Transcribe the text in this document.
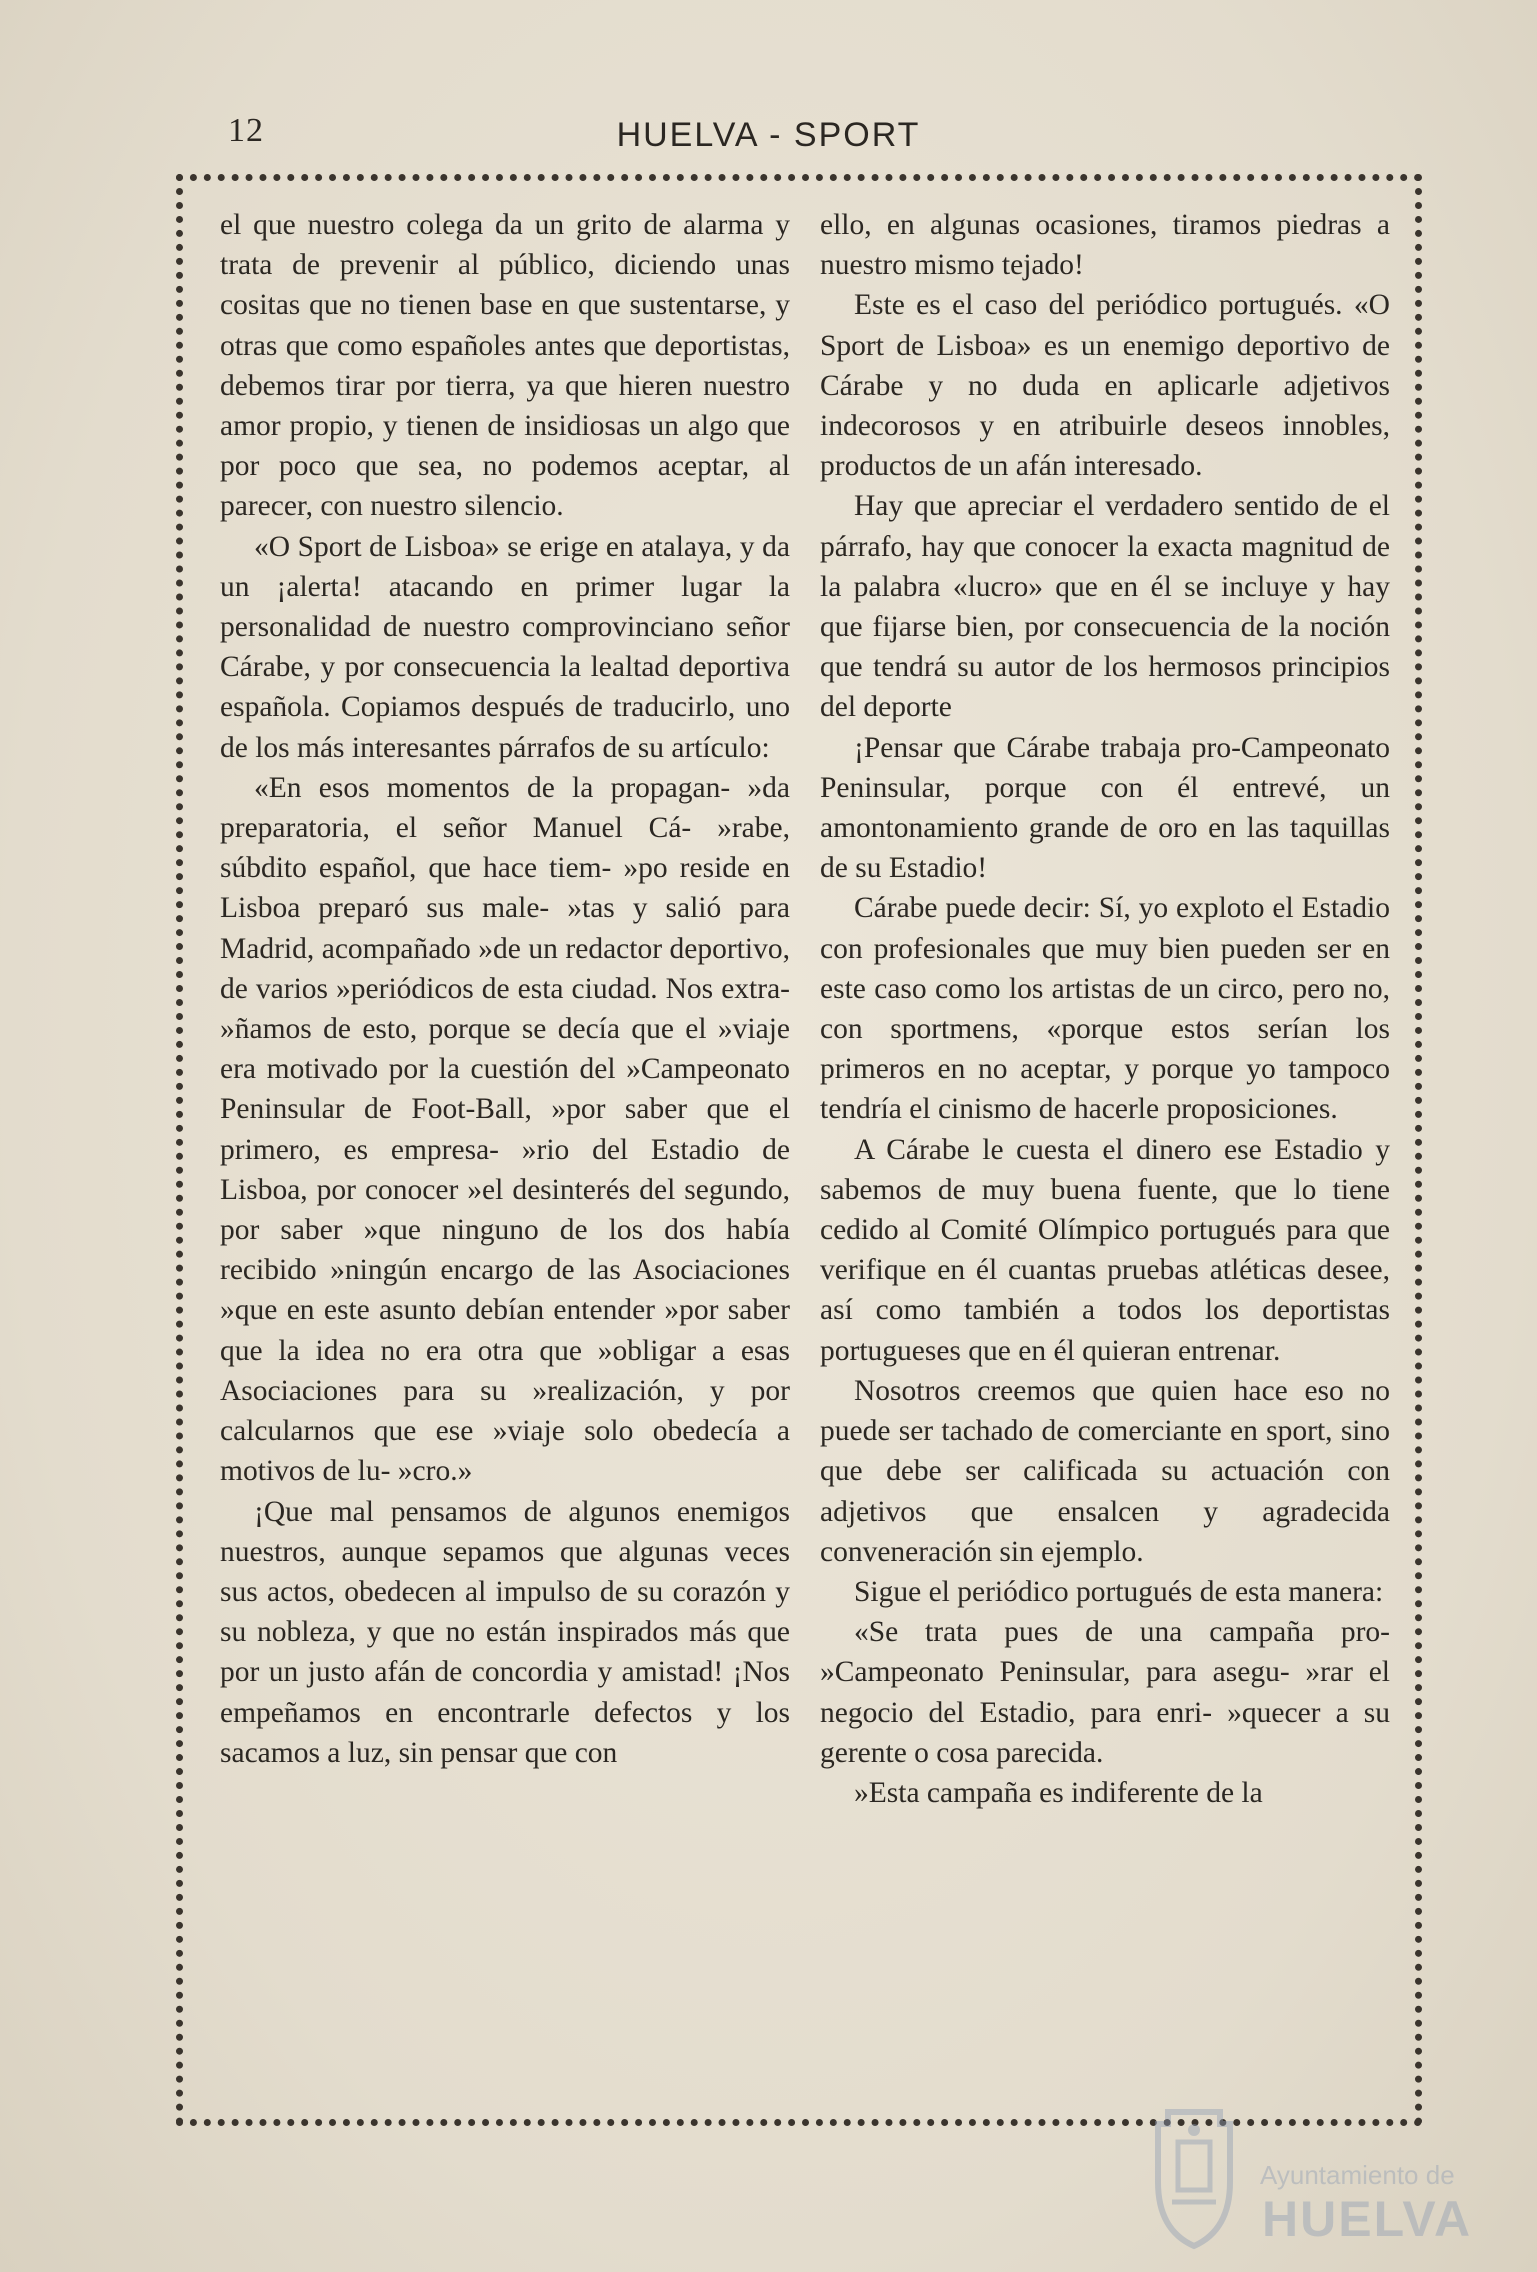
12	HUELVA - SPORT

el que nuestro colega da un grito de alarma y trata de prevenir al público, diciendo unas cositas que no tienen base en que sustentarse, y otras que como españoles antes que deportistas, debemos tirar por tierra, ya que hieren nuestro amor propio, y tienen de insidiosas un algo que por poco que sea, no podemos aceptar, al parecer, con nuestro silencio.

«O Sport de Lisboa» se erige en atalaya, y da un ¡alerta! atacando en primer lugar la personalidad de nuestro comprovinciano señor Cárabe, y por consecuencia la lealtad deportiva española. Copiamos después de traducirlo, uno de los más interesantes párrafos de su artículo:

«En esos momentos de la propagan- »da preparatoria, el señor Manuel Cá- »rabe, súbdito español, que hace tiem- »po reside en Lisboa preparó sus male- »tas y salió para Madrid, acompañado »de un redactor deportivo, de varios »periódicos de esta ciudad. Nos extra- »ñamos de esto, porque se decía que el »viaje era motivado por la cuestión del »Campeonato Peninsular de Foot-Ball, »por saber que el primero, es empresa- »rio del Estadio de Lisboa, por conocer »el desinterés del segundo, por saber »que ninguno de los dos había recibido »ningún encargo de las Asociaciones »que en este asunto debían entender »por saber que la idea no era otra que »obligar a esas Asociaciones para su »realización, y por calcularnos que ese »viaje solo obedecía a motivos de lu- »cro.»

¡Que mal pensamos de algunos enemigos nuestros, aunque sepamos que algunas veces sus actos, obedecen al impulso de su corazón y su nobleza, y que no están inspirados más que por un justo afán de concordia y amistad! ¡Nos empeñamos en encontrarle defectos y los sacamos a luz, sin pensar que con

ello, en algunas ocasiones, tiramos piedras a nuestro mismo tejado!

Este es el caso del periódico portugués. «O Sport de Lisboa» es un enemigo deportivo de Cárabe y no duda en aplicarle adjetivos indecorosos y en atribuirle deseos innobles, productos de un afán interesado.

Hay que apreciar el verdadero sentido de el párrafo, hay que conocer la exacta magnitud de la palabra «lucro» que en él se incluye y hay que fijarse bien, por consecuencia de la noción que tendrá su autor de los hermosos principios del deporte

¡Pensar que Cárabe trabaja pro-Campeonato Peninsular, porque con él entrevé, un amontonamiento grande de oro en las taquillas de su Estadio!

Cárabe puede decir: Sí, yo exploto el Estadio con profesionales que muy bien pueden ser en este caso como los artistas de un circo, pero no, con sportmens, «porque estos serían los primeros en no aceptar, y porque yo tampoco tendría el cinismo de hacerle proposiciones.

A Cárabe le cuesta el dinero ese Estadio y sabemos de muy buena fuente, que lo tiene cedido al Comité Olímpico portugués para que verifique en él cuantas pruebas atléticas desee, así como también a todos los deportistas portugueses que en él quieran entrenar.

Nosotros creemos que quien hace eso no puede ser tachado de comerciante en sport, sino que debe ser calificada su actuación con adjetivos que ensalcen y agradecida conveneración sin ejemplo.

Sigue el periódico portugués de esta manera:

«Se trata pues de una campaña pro- »Campeonato Peninsular, para asegu- »rar el negocio del Estadio, para enri- »quecer a su gerente o cosa parecida.

»Esta campaña es indiferente de la

Ayuntamiento de
HUELVA
